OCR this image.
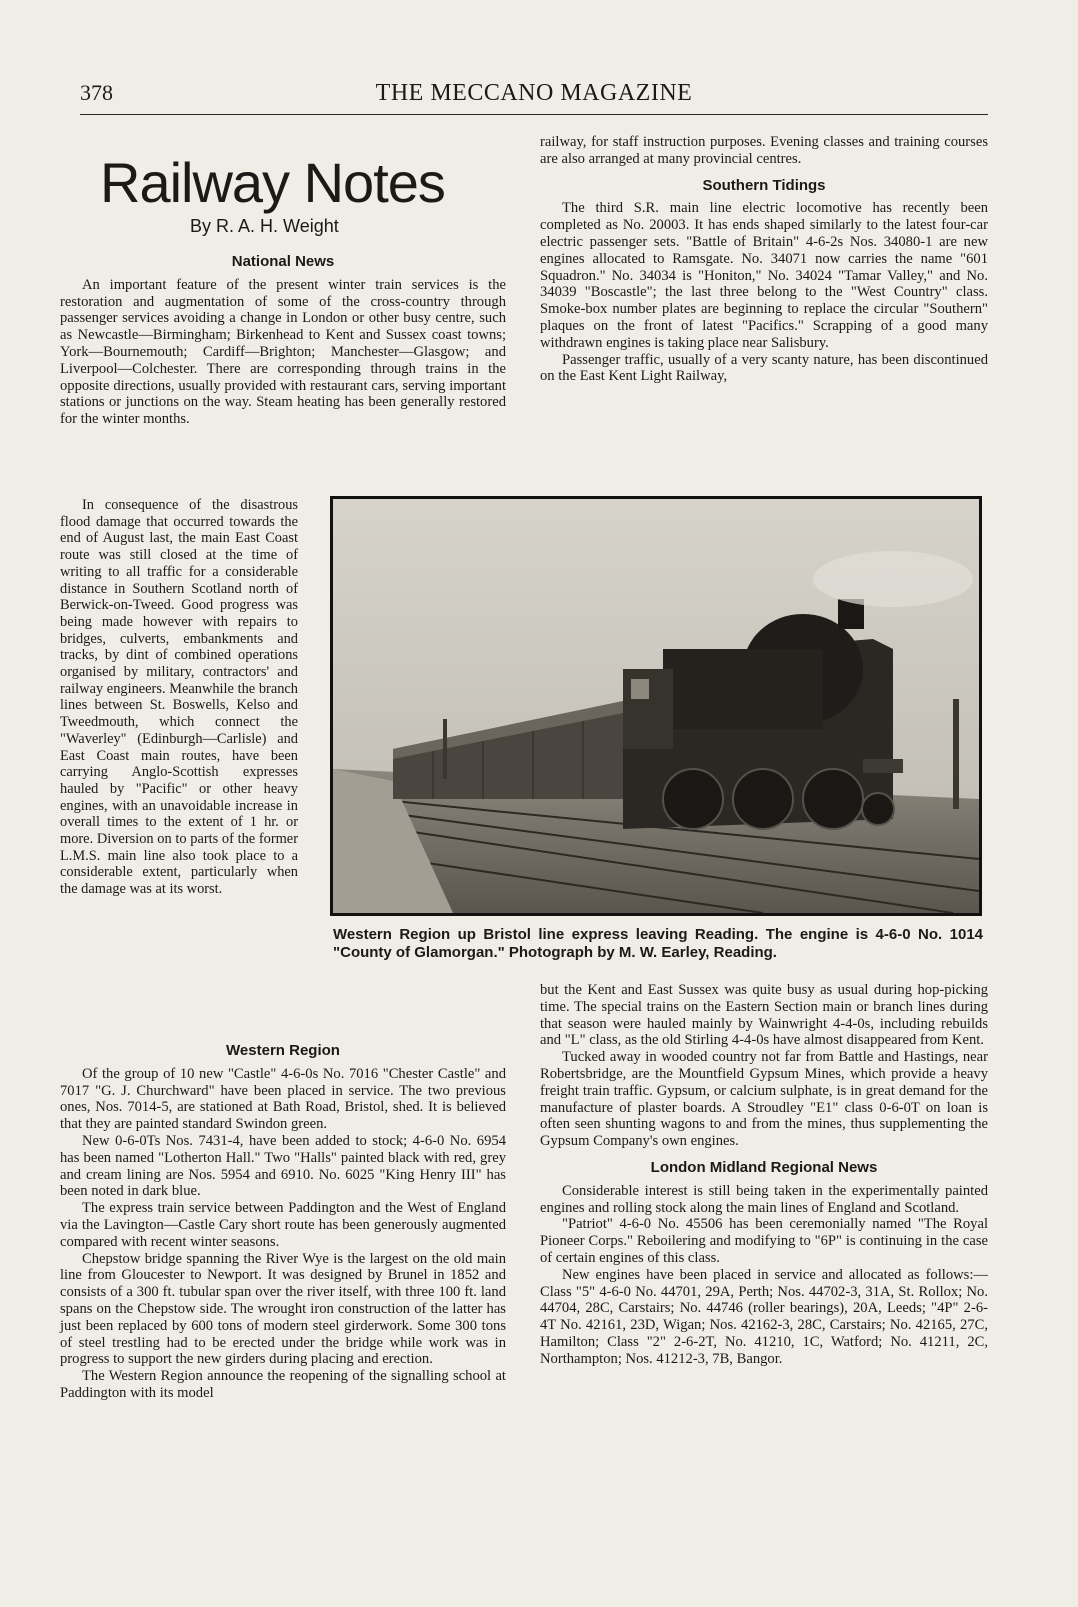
378	THE MECCANO MAGAZINE
Railway Notes
By R. A. H. Weight
National News

An important feature of the present winter train services is the restoration and augmentation of some of the cross-country through passenger services avoiding a change in London or other busy centre, such as Newcastle—Birmingham; Birkenhead to Kent and Sussex coast towns; York—Bournemouth; Cardiff—Brighton; Manchester—Glasgow; and Liverpool—Colchester. There are corresponding through trains in the opposite directions, usually provided with restaurant cars, serving important stations or junctions on the way. Steam heating has been generally restored for the winter months.

In consequence of the disastrous flood damage that occurred towards the end of August last, the main East Coast route was still closed at the time of writing to all traffic for a considerable distance in Southern Scotland north of Berwick-on-Tweed. Good progress was being made however with repairs to bridges, culverts, embankments and tracks, by dint of combined operations organised by military, contractors' and railway engineers. Meanwhile the branch lines between St. Boswells, Kelso and Tweedmouth, which connect the "Waverley" (Edinburgh—Carlisle) and East Coast main routes, have been carrying Anglo-Scottish expresses hauled by "Pacific" or other heavy engines, with an unavoidable increase in overall times to the extent of 1 hr. or more. Diversion on to parts of the former L.M.S. main line also took place to a considerable extent, particularly when the damage was at its worst.

Western Region

Of the group of 10 new "Castle" 4-6-0s No. 7016 "Chester Castle" and 7017 "G. J. Churchward" have been placed in service. The two previous ones, Nos. 7014-5, are stationed at Bath Road, Bristol, shed. It is believed that they are painted standard Swindon green.

New 0-6-0Ts Nos. 7431-4, have been added to stock; 4-6-0 No. 6954 has been named "Lotherton Hall." Two "Halls" painted black with red, grey and cream lining are Nos. 5954 and 6910. No. 6025 "King Henry III" has been noted in dark blue.

The express train service between Paddington and the West of England via the Lavington—Castle Cary short route has been generously augmented compared with recent winter seasons.

Chepstow bridge spanning the River Wye is the largest on the old main line from Gloucester to Newport. It was designed by Brunel in 1852 and consists of a 300 ft. tubular span over the river itself, with three 100 ft. land spans on the Chepstow side. The wrought iron construction of the latter has just been replaced by 600 tons of modern steel girderwork. Some 300 tons of steel trestling had to be erected under the bridge while work was in progress to support the new girders during placing and erection.

The Western Region announce the reopening of the signalling school at Paddington with its model

railway, for staff instruction purposes. Evening classes and training courses are also arranged at many provincial centres.

Southern Tidings

The third S.R. main line electric locomotive has recently been completed as No. 20003. It has ends shaped similarly to the latest four-car electric passenger sets. "Battle of Britain" 4-6-2s Nos. 34080-1 are new engines allocated to Ramsgate. No. 34071 now carries the name "601 Squadron." No. 34034 is "Honiton," No. 34024 "Tamar Valley," and No. 34039 "Boscastle"; the last three belong to the "West Country" class. Smoke-box number plates are beginning to replace the circular "Southern" plaques on the front of latest "Pacifics." Scrapping of a good many withdrawn engines is taking place near Salisbury.

Passenger traffic, usually of a very scanty nature, has been discontinued on the East Kent Light Railway,

Western Region up Bristol line express leaving Reading. The engine is 4-6-0 No. 1014 "County of Glamorgan." Photograph by M. W. Earley, Reading.

but the Kent and East Sussex was quite busy as usual during hop-picking time. The special trains on the Eastern Section main or branch lines during that season were hauled mainly by Wainwright 4-4-0s, including rebuilds and "L" class, as the old Stirling 4-4-0s have almost disappeared from Kent.

Tucked away in wooded country not far from Battle and Hastings, near Robertsbridge, are the Mountfield Gypsum Mines, which provide a heavy freight train traffic. Gypsum, or calcium sulphate, is in great demand for the manufacture of plaster boards. A Stroudley "E1" class 0-6-0T on loan is often seen shunting wagons to and from the mines, thus supplementing the Gypsum Company's own engines.

London Midland Regional News

Considerable interest is still being taken in the experimentally painted engines and rolling stock along the main lines of England and Scotland.

"Patriot" 4-6-0 No. 45506 has been ceremonially named "The Royal Pioneer Corps." Reboilering and modifying to "6P" is continuing in the case of certain engines of this class.

New engines have been placed in service and allocated as follows:—Class "5" 4-6-0 No. 44701, 29A, Perth; Nos. 44702-3, 31A, St. Rollox; No. 44704, 28C, Carstairs; No. 44746 (roller bearings), 20A, Leeds; "4P" 2-6-4T No. 42161, 23D, Wigan; Nos. 42162-3, 28C, Carstairs; No. 42165, 27C, Hamilton; Class "2" 2-6-2T, No. 41210, 1C, Watford; No. 41211, 2C, Northampton; Nos. 41212-3, 7B, Bangor.
